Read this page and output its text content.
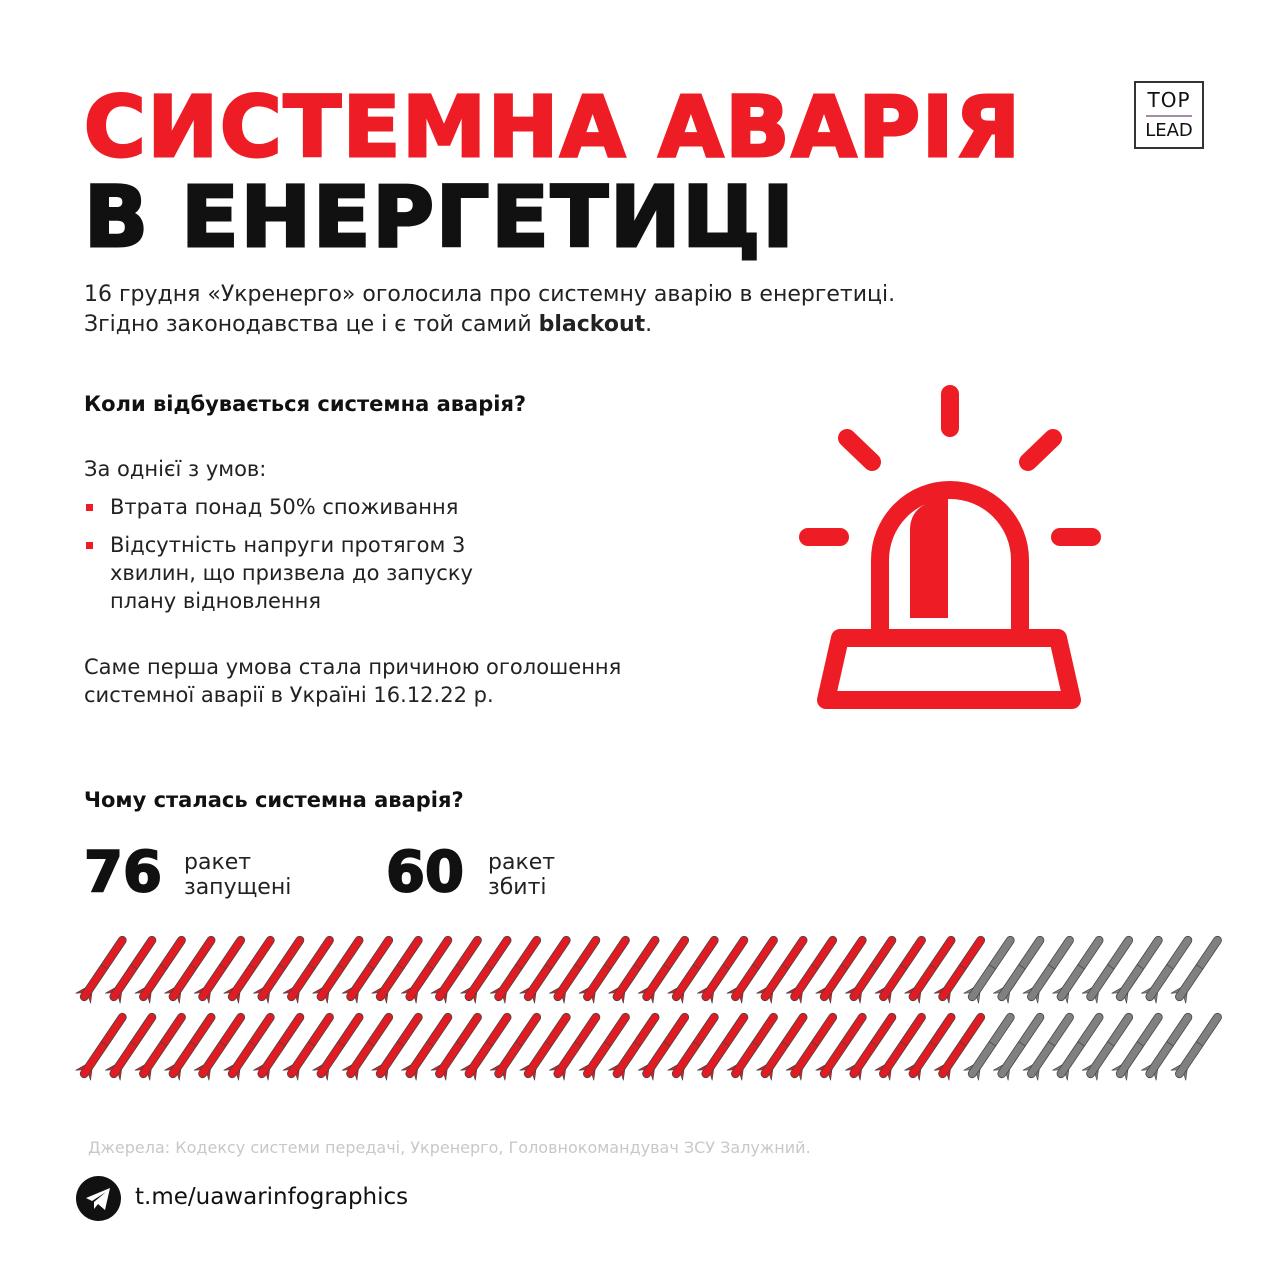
СИСТЕМНА АВАРІЯ
В ЕНЕРГЕТИЦІ
TOP
LEAD
16 грудня «Укренерго» оголосила про системну аварію в енергетиці.
Згідно законодавства це і є той самий blackout.
Коли відбувається системна аварія?
За однієї з умов:
Втрата понад 50% споживання
Відсутність напруги протягом 3 хвилин, що призвела до запуску плану відновлення
Саме перша умова стала причиною оголошення системної аварії в Україні 16.12.22 р.
Чому сталась системна аварія?
76 ракет
запущені 60 ракет
збиті
Джерела: Кодексу системи передачі, Укренерго, Головнокомандувач ЗСУ Залужний.
t.me/uawarinfographics
